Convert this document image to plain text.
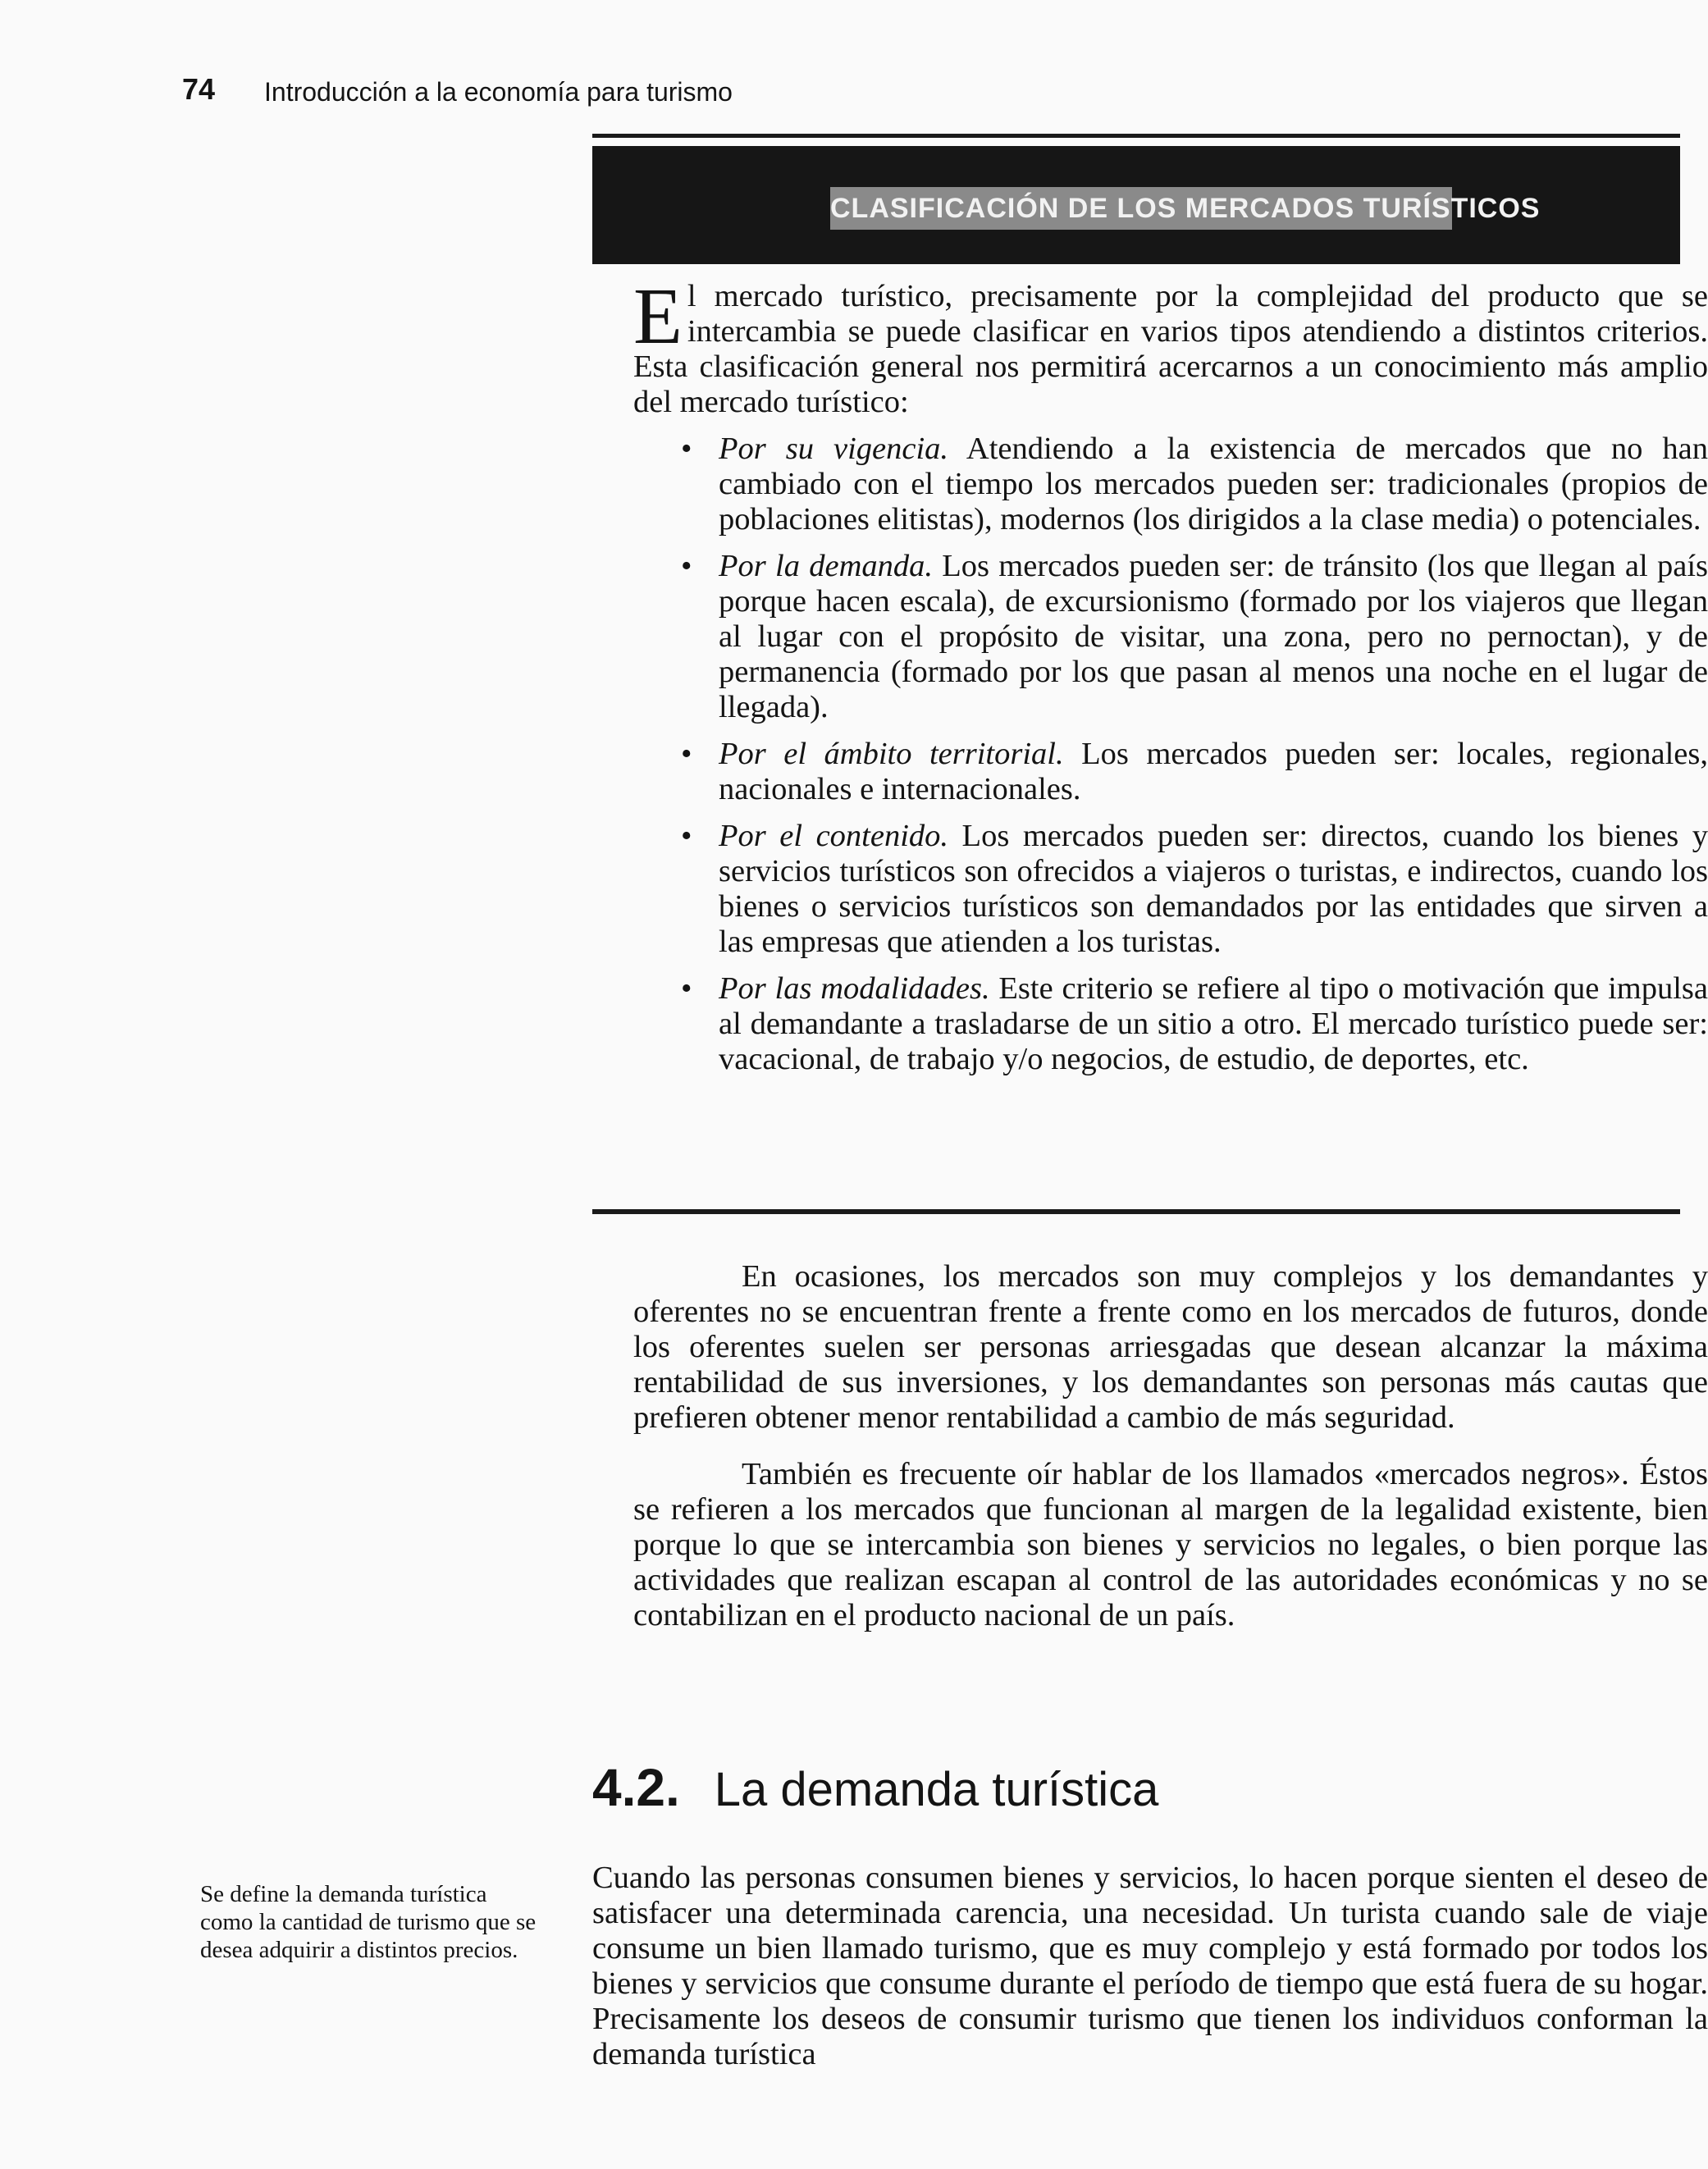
74 Introducción a la economía para turismo
CLASIFICACIÓN DE LOS MERCADOS TURÍSTICOS

El mercado turístico, precisamente por la complejidad del producto que se intercambia se puede clasificar en varios tipos atendiendo a distintos criterios. Esta clasificación general nos permitirá acercarnos a un conocimiento más amplio del mercado turístico:

• Por su vigencia. Atendiendo a la existencia de mercados que no han cambiado con el tiempo los mercados pueden ser: tradicionales (propios de poblaciones elitistas), modernos (los dirigidos a la clase media) o potenciales.
• Por la demanda. Los mercados pueden ser: de tránsito (los que llegan al país porque hacen escala), de excursionismo (formado por los viajeros que llegan al lugar con el propósito de visitar, una zona, pero no pernoctan), y de permanencia (formado por los que pasan al menos una noche en el lugar de llegada).
• Por el ámbito territorial. Los mercados pueden ser: locales, regionales, nacionales e internacionales.
• Por el contenido. Los mercados pueden ser: directos, cuando los bienes y servicios turísticos son ofrecidos a viajeros o turistas, e indirectos, cuando los bienes o servicios turísticos son demandados por las entidades que sirven a las empresas que atienden a los turistas.
• Por las modalidades. Este criterio se refiere al tipo o motivación que impulsa al demandante a trasladarse de un sitio a otro. El mercado turístico puede ser: vacacional, de trabajo y/o negocios, de estudio, de deportes, etc.

En ocasiones, los mercados son muy complejos y los demandantes y oferentes no se encuentran frente a frente como en los mercados de futuros, donde los oferentes suelen ser personas arriesgadas que desean alcanzar la máxima rentabilidad de sus inversiones, y los demandantes son personas más cautas que prefieren obtener menor rentabilidad a cambio de más seguridad.

También es frecuente oír hablar de los llamados «mercados negros». Éstos se refieren a los mercados que funcionan al margen de la legalidad existente, bien porque lo que se intercambia son bienes y servicios no legales, o bien porque las actividades que realizan escapan al control de las autoridades económicas y no se contabilizan en el producto nacional de un país.

4.2. La demanda turística
Se define la demanda turística como la cantidad de turismo que se desea adquirir a distintos precios.

Cuando las personas consumen bienes y servicios, lo hacen porque sienten el deseo de satisfacer una determinada carencia, una necesidad. Un turista cuando sale de viaje consume un bien llamado turismo, que es muy complejo y está formado por todos los bienes y servicios que consume durante el período de tiempo que está fuera de su hogar. Precisamente los deseos de consumir turismo que tienen los individuos conforman la demanda turística
